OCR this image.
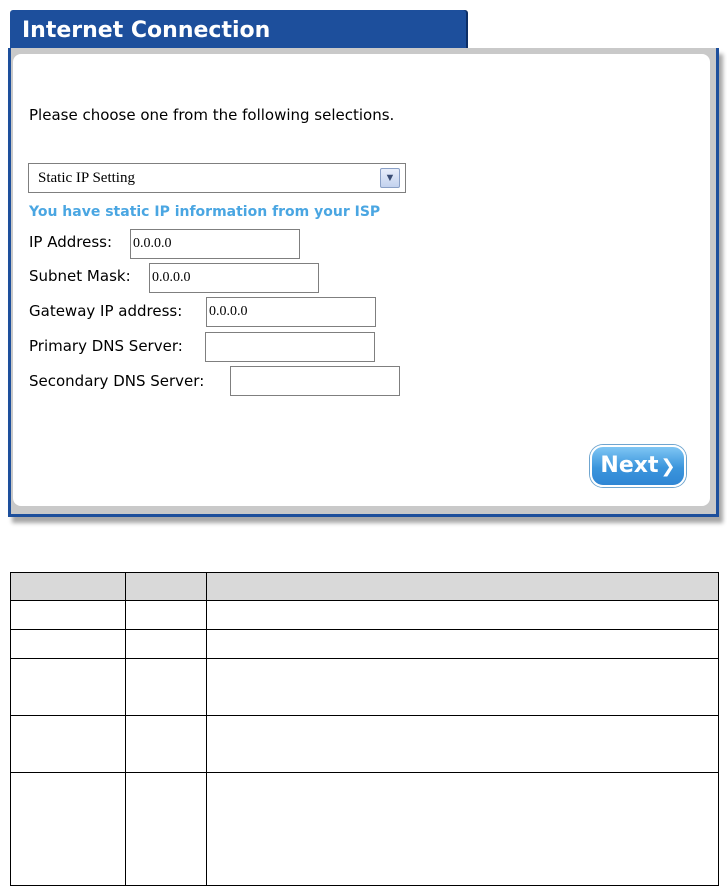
Internet Connection
Please choose one from the following selections.
Static IP Setting	▼
You have static IP information from your ISP
IP Address:
0.0.0.0
Subnet Mask:
0.0.0.0
Gateway IP address:
0.0.0.0
Primary DNS Server:
Secondary DNS Server:
Next ❯
